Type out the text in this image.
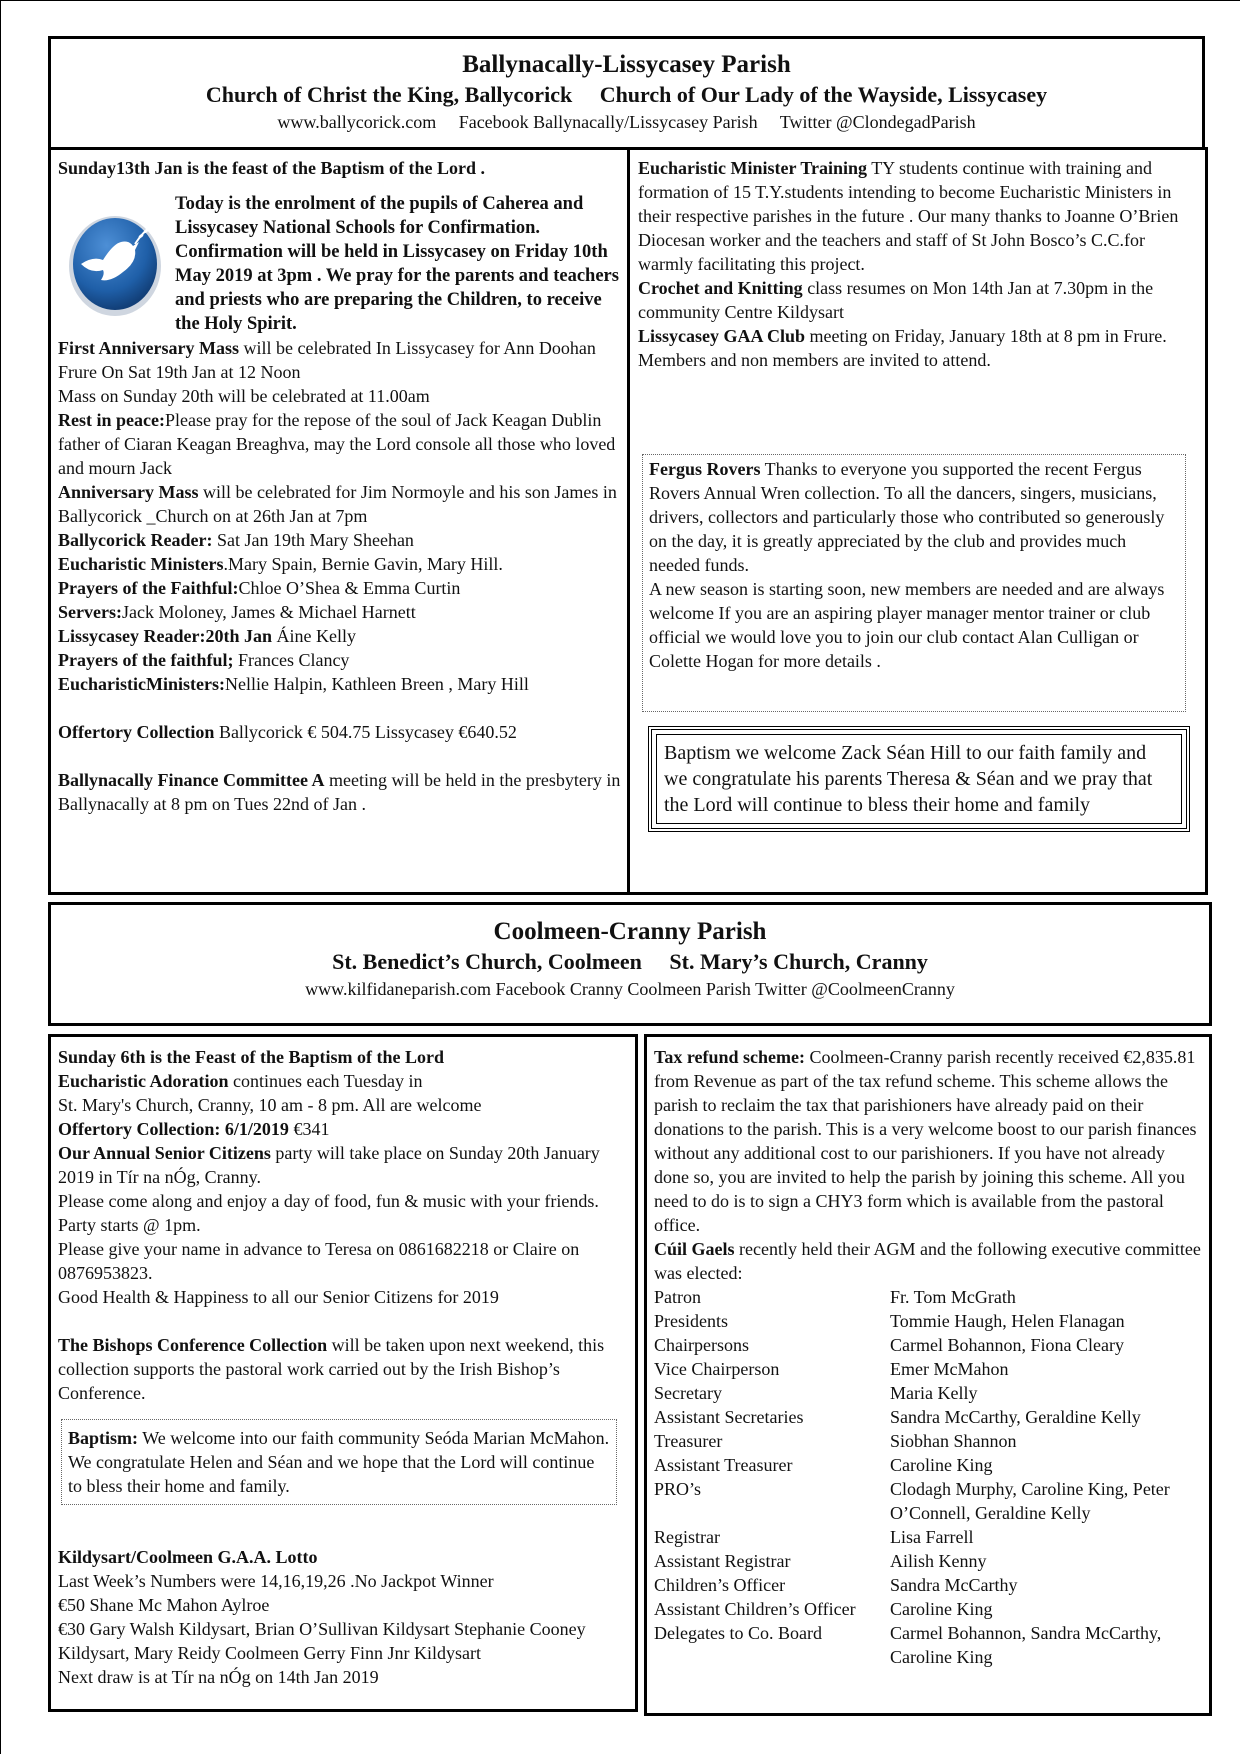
Ballynacally-Lissycasey Parish
Church of Christ the King, Ballycorick     Church of Our Lady of the Wayside, Lissycasey
www.ballycorick.com     Facebook Ballynacally/Lissycasey Parish     Twitter @ClondegadParish

Sunday13th Jan is the feast of the Baptism of the Lord .

Today is the enrolment of the pupils of Caherea and Lissycasey National Schools for Confirmation. Confirmation will be held in Lissycasey on Friday 10th May 2019 at 3pm . We pray for the parents and teachers and priests who are preparing the Children, to receive the Holy Spirit.

First Anniversary Mass will be celebrated In Lissycasey for Ann Doohan Frure On Sat 19th Jan at 12 Noon

Mass on Sunday 20th will be celebrated at 11.00am

Rest in peace:Please pray for the repose of the soul of Jack Keagan Dublin father of Ciaran Keagan Breaghva, may the Lord console all those who loved and mourn Jack

Anniversary Mass will be celebrated for Jim Normoyle and his son James in Ballycorick _Church on at 26th Jan at 7pm

Ballycorick Reader: Sat Jan 19th Mary Sheehan

Eucharistic Ministers.Mary Spain, Bernie Gavin, Mary Hill.

Prayers of the Faithful:Chloe O’Shea & Emma Curtin

Servers:Jack Moloney, James & Michael Harnett

Lissycasey Reader:20th Jan Áine Kelly

Prayers of the faithful; Frances Clancy

EucharisticMinisters:Nellie Halpin, Kathleen Breen , Mary Hill

Offertory Collection Ballycorick € 504.75 Lissycasey €640.52

Ballynacally Finance Committee A meeting will be held in the presbytery in Ballynacally at 8 pm on Tues 22nd of Jan .

Eucharistic Minister Training TY students continue with training and formation of 15 T.Y.students intending to become Eucharistic Ministers in their respective parishes in the future . Our many thanks to Joanne O’Brien Diocesan worker and the teachers and staff of St John Bosco’s C.C.for warmly facilitating this project.

Crochet and Knitting class resumes on Mon 14th Jan at 7.30pm in the community Centre Kildysart

Lissycasey GAA Club meeting on Friday, January 18th at 8 pm in Frure. Members and non members are invited to attend.

Fergus Rovers Thanks to everyone you supported the recent Fergus Rovers Annual Wren collection. To all the dancers, singers, musicians, drivers, collectors and particularly those who contributed so generously on the day, it is greatly appreciated by the club and provides much needed funds.

A new season is starting soon, new members are needed and are always welcome If you are an aspiring player manager mentor trainer or club official we would love you to join our club contact Alan Culligan or Colette Hogan for more details .

Baptism we welcome Zack Séan Hill to our faith family and we congratulate his parents Theresa & Séan and we pray that the Lord will continue to bless their home and family
Coolmeen-Cranny Parish
St. Benedict’s Church, Coolmeen     St. Mary’s Church, Cranny
www.kilfidaneparish.com Facebook Cranny Coolmeen Parish Twitter @CoolmeenCranny

Sunday 6th is the Feast of the Baptism of the Lord

Eucharistic Adoration continues each Tuesday in

St. Mary's Church, Cranny, 10 am - 8 pm. All are welcome

Offertory Collection: 6/1/2019 €341

Our Annual Senior Citizens party will take place on Sunday 20th January 2019 in Tír na nÓg, Cranny.

Please come along and enjoy a day of food, fun & music with your friends. Party starts @ 1pm.

Please give your name in advance to Teresa on 0861682218 or Claire on 0876953823.

Good Health & Happiness to all our Senior Citizens for 2019

The Bishops Conference Collection will be taken upon next weekend, this collection supports the pastoral work carried out by the Irish Bishop’s Conference.

Baptism: We welcome into our faith community Seóda Marian McMahon. We congratulate Helen and Séan and we hope that the Lord will continue to bless their home and family.

Kildysart/Coolmeen G.A.A. Lotto

Last Week’s Numbers were 14,16,19,26 .No Jackpot Winner

€50 Shane Mc Mahon Aylroe

€30 Gary Walsh Kildysart, Brian O’Sullivan Kildysart Stephanie Cooney Kildysart, Mary Reidy Coolmeen Gerry Finn Jnr Kildysart

Next draw is at Tír na nÓg on 14th Jan 2019

Tax refund scheme: Coolmeen-Cranny parish recently received €2,835.81 from Revenue as part of the tax refund scheme. This scheme allows the parish to reclaim the tax that parishioners have already paid on their donations to the parish. This is a very welcome boost to our parish finances without any additional cost to our parishioners. If you have not already done so, you are invited to help the parish by joining this scheme. All you need to do is to sign a CHY3 form which is available from the pastoral office.

Cúil Gaels recently held their AGM and the following executive committee was elected:

Patron	Fr. Tom McGrath
Presidents	Tommie Haugh, Helen Flanagan
Chairpersons	Carmel Bohannon, Fiona Cleary
Vice Chairperson	Emer McMahon
Secretary	Maria Kelly
Assistant Secretaries	Sandra McCarthy, Geraldine Kelly
Treasurer	Siobhan Shannon
Assistant Treasurer	Caroline King
PRO’s	Clodagh Murphy, Caroline King, Peter O’Connell, Geraldine Kelly
Registrar	Lisa Farrell
Assistant Registrar	Ailish Kenny
Children’s Officer	Sandra McCarthy
Assistant Children’s Officer	Caroline King
Delegates to Co. Board	Carmel Bohannon, Sandra McCarthy, Caroline King
